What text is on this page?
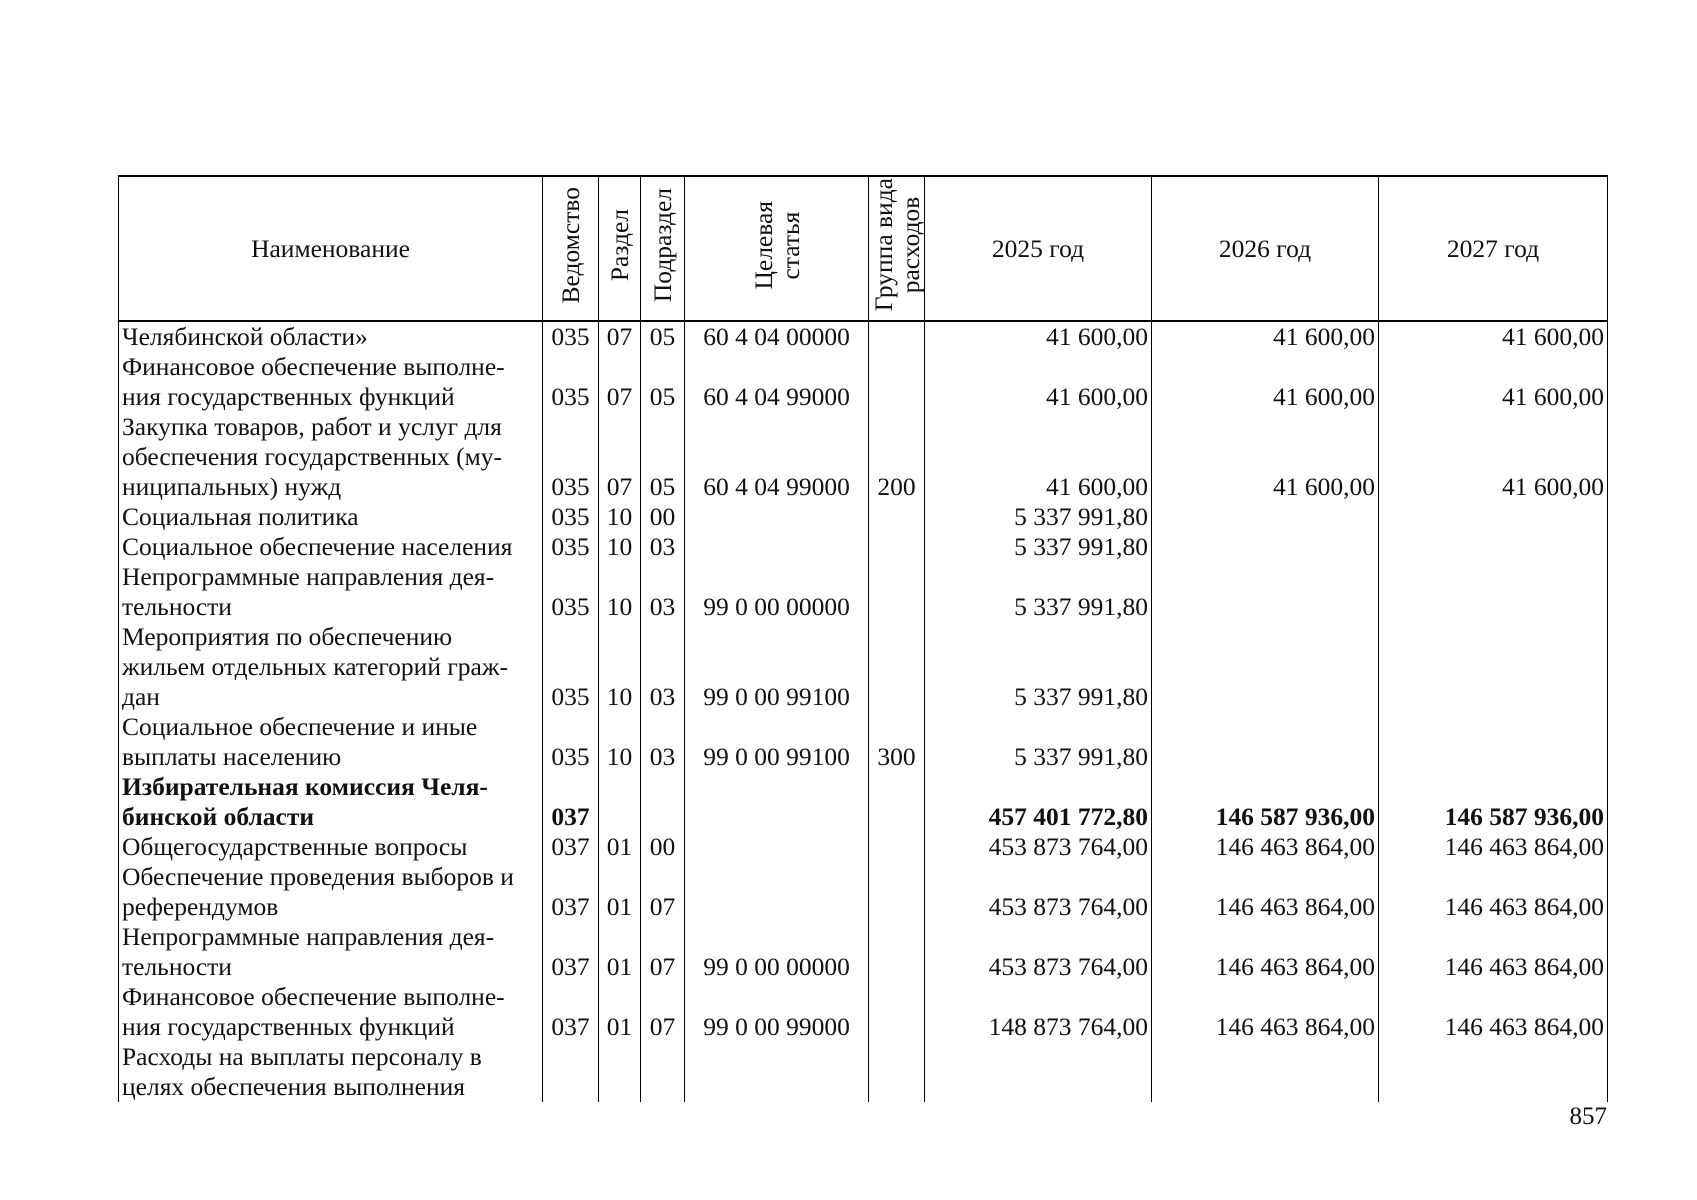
Наименование	Ведомство	Раздел	Подраздел	Целевая
статья	Группа вида
расходов	2025 год	2026 год	2027 год
Челябинской области»	035	07	05	60 4 04 00000		41 600,00	41 600,00	41 600,00
Финансовое обеспечение выполне-
ния государственных функций	035	07	05	60 4 04 99000		41 600,00	41 600,00	41 600,00
Закупка товаров, работ и услуг для
обеспечения государственных (му-
ниципальных) нужд	035	07	05	60 4 04 99000	200	41 600,00	41 600,00	41 600,00
Социальная политика	035	10	00			5 337 991,80		
Социальное обеспечение населения	035	10	03			5 337 991,80		
Непрограммные направления дея-
тельности	035	10	03	99 0 00 00000		5 337 991,80		
Мероприятия по обеспечению
жильем отдельных категорий граж-
дан	035	10	03	99 0 00 99100		5 337 991,80		
Социальное обеспечение и иные
выплаты населению	035	10	03	99 0 00 99100	300	5 337 991,80		
Избирательная комиссия Челя-
бинской области	037					457 401 772,80	146 587 936,00	146 587 936,00
Общегосударственные вопросы	037	01	00			453 873 764,00	146 463 864,00	146 463 864,00
Обеспечение проведения выборов и
референдумов	037	01	07			453 873 764,00	146 463 864,00	146 463 864,00
Непрограммные направления дея-
тельности	037	01	07	99 0 00 00000		453 873 764,00	146 463 864,00	146 463 864,00
Финансовое обеспечение выполне-
ния государственных функций	037	01	07	99 0 00 99000		148 873 764,00	146 463 864,00	146 463 864,00
Расходы на выплаты персоналу в
целях обеспечения выполнения								
857
